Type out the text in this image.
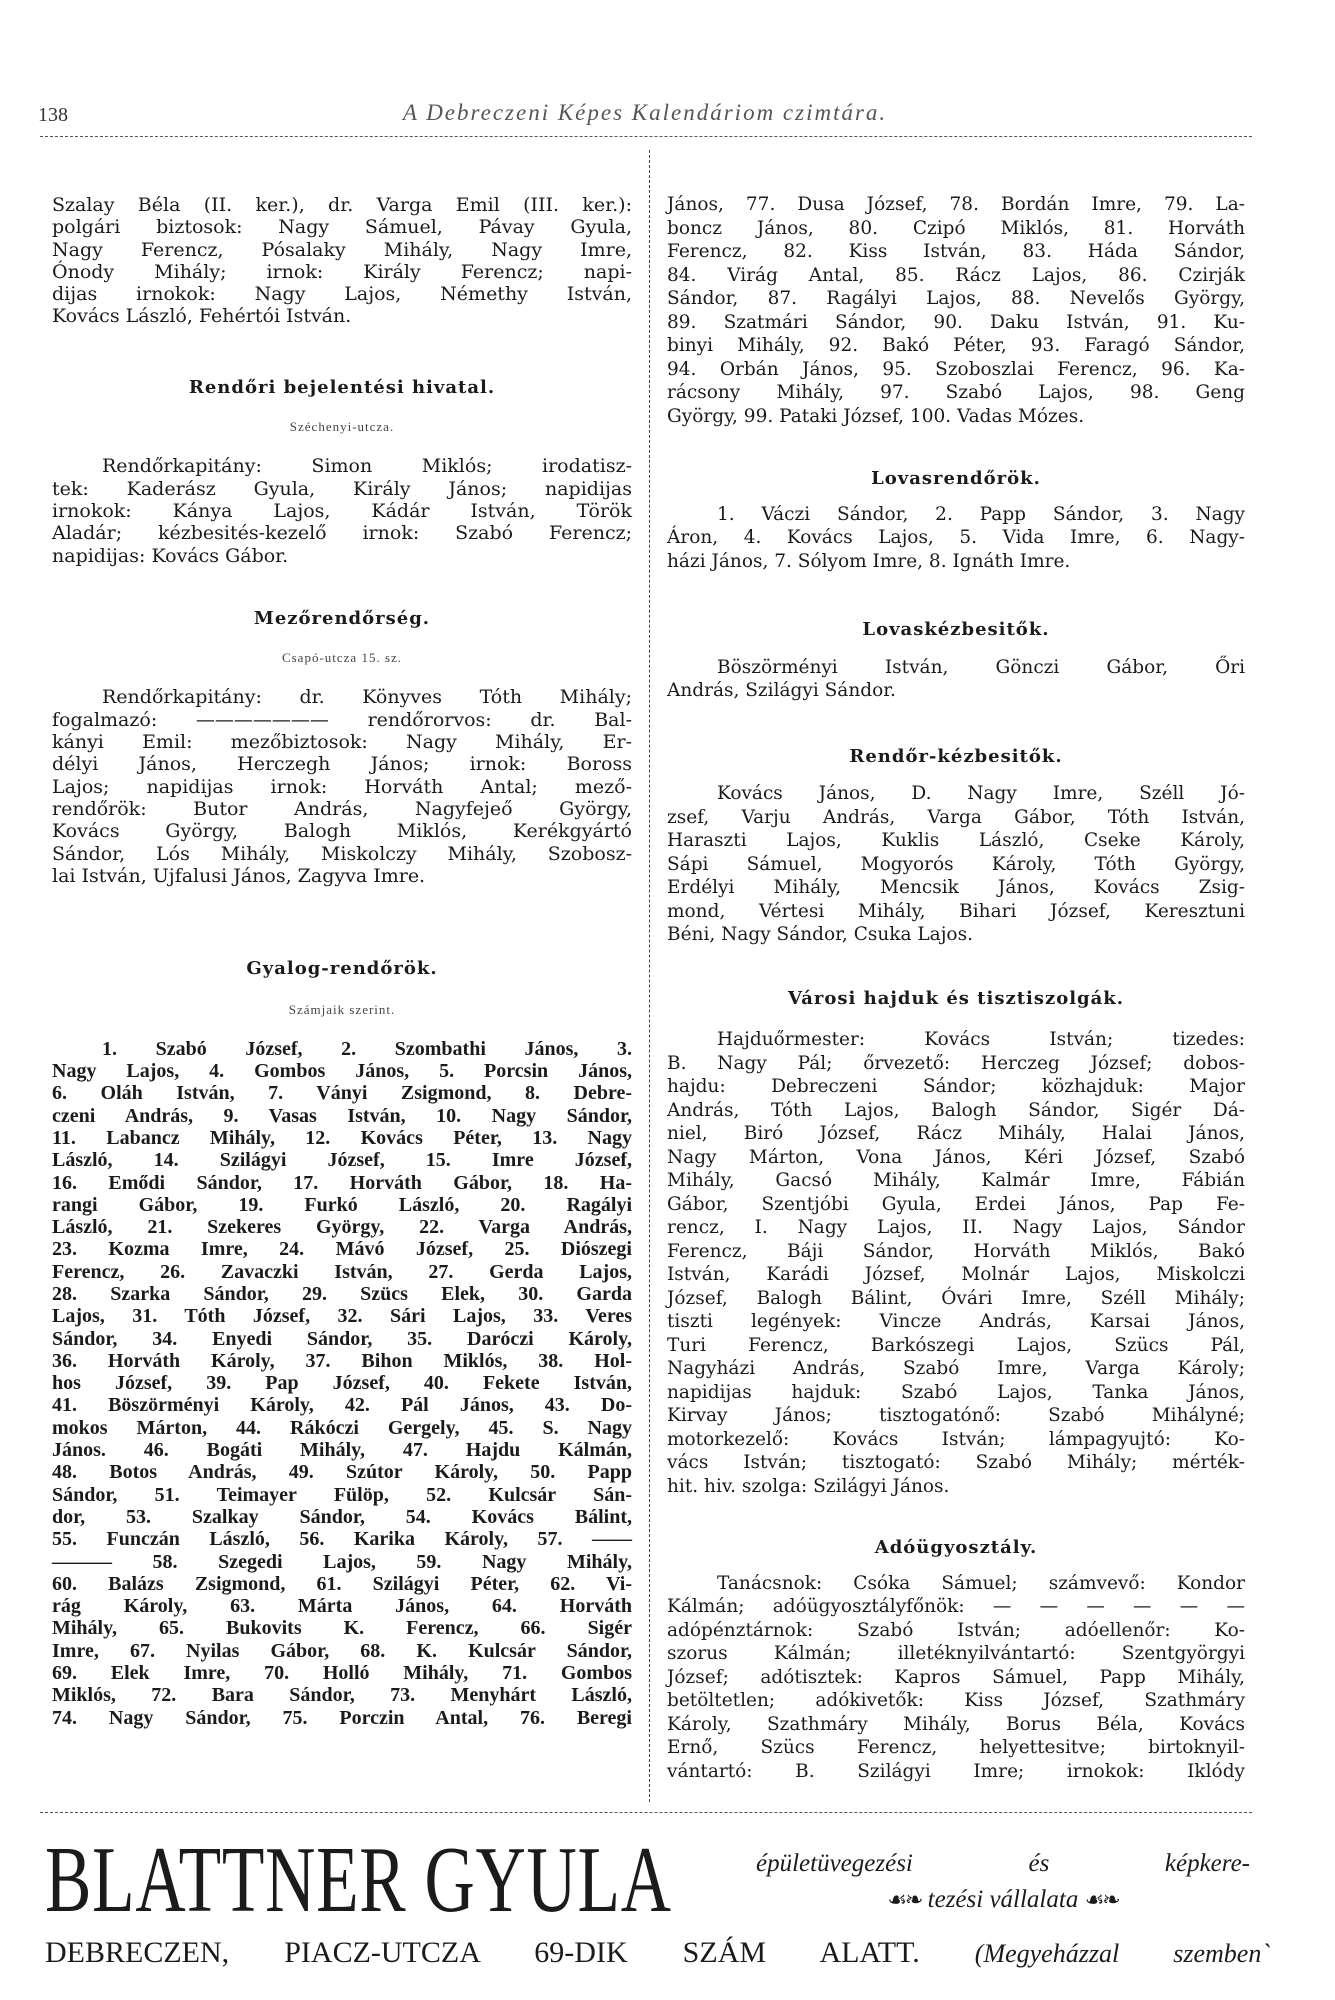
138	A Debreczeni Képes Kalendáriom czimtára.
Szalay Béla (II. ker.), dr. Varga Emil (III. ker.):
polgári biztosok: Nagy Sámuel, Pávay Gyula,
Nagy Ferencz, Pósalaky Mihály, Nagy Imre,
Ónody Mihály; irnok: Király Ferencz; napi-
dijas irnokok: Nagy Lajos, Némethy István,
Kovács László, Fehértói István.
Rendőri bejelentési hivatal.
Széchenyi-utcza.
Rendőrkapitány: Simon Miklós; irodatisz-
tek: Kaderász Gyula, Király János; napidijas
irnokok: Kánya Lajos, Kádár István, Török
Aladár; kézbesités-kezelő irnok: Szabó Ferencz;
napidijas: Kovács Gábor.
Mezőrendőrség.
Csapó-utcza 15. sz.
Rendőrkapitány: dr. Könyves Tóth Mihály;
fogalmazó: ——————— rendőrorvos: dr. Bal-
kányi Emil: mezőbiztosok: Nagy Mihály, Er-
délyi János, Herczegh János; irnok: Boross
Lajos; napidijas irnok: Horváth Antal; mező-
rendőrök: Butor András, Nagyfejeő György,
Kovács György, Balogh Miklós, Kerékgyártó
Sándor, Lós Mihály, Miskolczy Mihály, Szobosz-
lai István, Ujfalusi János, Zagyva Imre.
Gyalog-rendőrök.
Számjaik szerint.
1. Szabó József, 2. Szombathi János, 3.
Nagy Lajos, 4. Gombos János, 5. Porcsin János,
6. Oláh István, 7. Ványi Zsigmond, 8. Debre-
czeni András, 9. Vasas István, 10. Nagy Sándor,
11. Labancz Mihály, 12. Kovács Péter, 13. Nagy
László, 14. Szilágyi József, 15. Imre József,
16. Emődi Sándor, 17. Horváth Gábor, 18. Ha-
rangi Gábor, 19. Furkó László, 20. Ragályi
László, 21. Szekeres György, 22. Varga András,
23. Kozma Imre, 24. Mávó József, 25. Diószegi
Ferencz, 26. Zavaczki István, 27. Gerda Lajos,
28. Szarka Sándor, 29. Szücs Elek, 30. Garda
Lajos, 31. Tóth József, 32. Sári Lajos, 33. Veres
Sándor, 34. Enyedi Sándor, 35. Daróczi Károly,
36. Horváth Károly, 37. Bihon Miklós, 38. Hol-
hos József, 39. Pap József, 40. Fekete István,
41. Böszörményi Károly, 42. Pál János, 43. Do-
mokos Márton, 44. Rákóczi Gergely, 45. S. Nagy
János. 46. Bogáti Mihály, 47. Hajdu Kálmán,
48. Botos András, 49. Szútor Károly, 50. Papp
Sándor, 51. Teimayer Fülöp, 52. Kulcsár Sán-
dor, 53. Szalkay Sándor, 54. Kovács Bálint,
55. Funczán László, 56. Karika Károly, 57. ——
——— 58. Szegedi Lajos, 59. Nagy Mihály,
60. Balázs Zsigmond, 61. Szilágyi Péter, 62. Vi-
rág Károly, 63. Márta János, 64. Horváth
Mihály, 65. Bukovits K. Ferencz, 66. Sigér
Imre, 67. Nyilas Gábor, 68. K. Kulcsár Sándor,
69. Elek Imre, 70. Holló Mihály, 71. Gombos
Miklós, 72. Bara Sándor, 73. Menyhárt László,
74. Nagy Sándor, 75. Porczin Antal, 76. Beregi
János, 77. Dusa József, 78. Bordán Imre, 79. La-
boncz János, 80. Czipó Miklós, 81. Horváth
Ferencz, 82. Kiss István, 83. Háda Sándor,
84. Virág Antal, 85. Rácz Lajos, 86. Czirják
Sándor, 87. Ragályi Lajos, 88. Nevelős György,
89. Szatmári Sándor, 90. Daku István, 91. Ku-
binyi Mihály, 92. Bakó Péter, 93. Faragó Sándor,
94. Orbán János, 95. Szoboszlai Ferencz, 96. Ka-
rácsony Mihály, 97. Szabó Lajos, 98. Geng
György, 99. Pataki József, 100. Vadas Mózes.
Lovasrendőrök.
1. Váczi Sándor, 2. Papp Sándor, 3. Nagy
Áron, 4. Kovács Lajos, 5. Vida Imre, 6. Nagy-
házi János, 7. Sólyom Imre, 8. Ignáth Imre.
Lovaskézbesitők.
Böszörményi István, Gönczi Gábor, Őri
András, Szilágyi Sándor.
Rendőr-kézbesitők.
Kovács János, D. Nagy Imre, Széll Jó-
zsef, Varju András, Varga Gábor, Tóth István,
Haraszti Lajos, Kuklis László, Cseke Károly,
Sápi Sámuel, Mogyorós Károly, Tóth György,
Erdélyi Mihály, Mencsik János, Kovács Zsig-
mond, Vértesi Mihály, Bihari József, Keresztuni
Béni, Nagy Sándor, Csuka Lajos.
Városi hajduk és tisztiszolgák.
Hajduőrmester: Kovács István; tizedes:
B. Nagy Pál; őrvezető: Herczeg József; dobos-
hajdu: Debreczeni Sándor; közhajduk: Major
András, Tóth Lajos, Balogh Sándor, Sigér Dá-
niel, Biró József, Rácz Mihály, Halai János,
Nagy Márton, Vona János, Kéri József, Szabó
Mihály, Gacsó Mihály, Kalmár Imre, Fábián
Gábor, Szentjóbi Gyula, Erdei János, Pap Fe-
rencz, I. Nagy Lajos, II. Nagy Lajos, Sándor
Ferencz, Báji Sándor, Horváth Miklós, Bakó
István, Karádi József, Molnár Lajos, Miskolczi
József, Balogh Bálint, Óvári Imre, Széll Mihály;
tiszti legények: Vincze András, Karsai János,
Turi Ferencz, Barkószegi Lajos, Szücs Pál,
Nagyházi András, Szabó Imre, Varga Károly;
napidijas hajduk: Szabó Lajos, Tanka János,
Kirvay János; tisztogatónő: Szabó Mihályné;
motorkezelő: Kovács István; lámpagyujtó: Ko-
vács István; tisztogató: Szabó Mihály; mérték-
hit. hiv. szolga: Szilágyi János.
Adóügyosztály.
Tanácsnok: Csóka Sámuel; számvevő: Kondor
Kálmán; adóügyosztályfőnök: — — — — — —
adópénztárnok: Szabó István; adóellenőr: Ko-
szorus Kálmán; illetéknyilvántartó: Szentgyörgyi
József; adótisztek: Kapros Sámuel, Papp Mihály,
betöltetlen; adókivetők: Kiss József, Szathmáry
Károly, Szathmáry Mihály, Borus Béla, Kovács
Ernő, Szücs Ferencz, helyettesitve; birtoknyil-
vántartó: B. Szilágyi Imre; irnokok: Iklódy
BLATTNER GYULA	épületüvegezési és képkere-
☙❧ tezési vállalata ☙❧
DEBRECZEN, PIACZ-UTCZA 69-DIK SZÁM ALATT. (Megyeházzal szemben`
